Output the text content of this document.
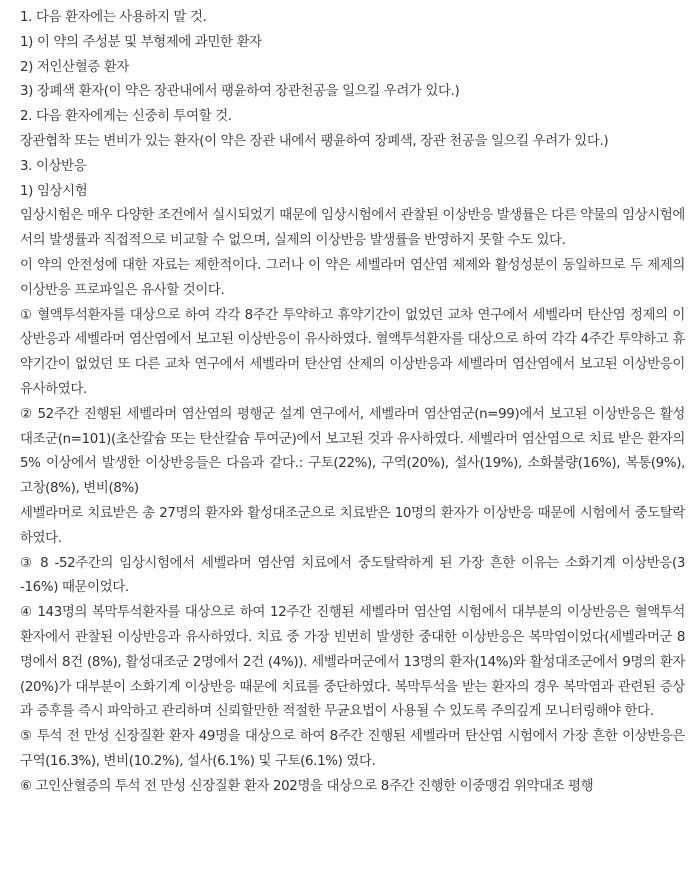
1. 다음 환자에는 사용하지 말 것.

1) 이 약의 주성분 및 부형제에 과민한 환자

2) 저인산혈증 환자

3) 장폐색 환자(이 약은 장관내에서 팽윤하여 장관천공을 일으킬 우려가 있다.)

2. 다음 환자에게는 신중히 투여할 것.

장관협착 또는 변비가 있는 환자(이 약은 장관 내에서 팽윤하여 장폐색, 장관 천공을 일으킬 우려가 있다.)

3. 이상반응

1) 임상시험

임상시험은 매우 다양한 조건에서 실시되었기 때문에 임상시험에서 관찰된 이상반응 발생률은 다른 약물의 임상시험에서의 발생률과 직접적으로 비교할 수 없으며, 실제의 이상반응 발생률을 반영하지 못할 수도 있다.

이 약의 안전성에 대한 자료는 제한적이다. 그러나 이 약은 세벨라머 염산염 제제와 활성성분이 동일하므로 두 제제의 이상반응 프로파일은 유사할 것이다.

① 혈액투석환자를 대상으로 하여 각각 8주간 투약하고 휴약기간이 없었던 교차 연구에서 세벨라머 탄산염 정제의 이상반응과 세벨라머 염산염에서 보고된 이상반응이 유사하였다. 혈액투석환자를 대상으로 하여 각각 4주간 투약하고 휴약기간이 없었던 또 다른 교차 연구에서 세벨라머 탄산염 산제의 이상반응과 세벨라머 염산염에서 보고된 이상반응이 유사하였다.

② 52주간 진행된 세벨라머 염산염의 평행군 설계 연구에서, 세벨라머 염산염군(n=99)에서 보고된 이상반응은 활성대조군(n=101)(초산칼슘 또는 탄산칼슘 투여군)에서 보고된 것과 유사하였다. 세벨라머 염산염으로 치료 받은 환자의 5% 이상에서 발생한 이상반응들은 다음과 같다.: 구토(22%), 구역(20%), 설사(19%), 소화불량(16%), 복통(9%), 고창(8%), 변비(8%)

세벨라머로 치료받은 총 27명의 환자와 활성대조군으로 치료받은 10명의 환자가 이상반응 때문에 시험에서 중도탈락하였다.

③ 8 -52주간의 임상시험에서 세벨라머 염산염 치료에서 중도탈락하게 된 가장 흔한 이유는 소화기계 이상반응(3 -16%) 때문이었다.

④ 143명의 복막투석환자를 대상으로 하여 12주간 진행된 세벨라머 염산염 시험에서 대부분의 이상반응은 혈액투석 환자에서 관찰된 이상반응과 유사하였다. 치료 중 가장 빈번히 발생한 중대한 이상반응은 복막염이었다(세벨라머군 8명에서 8건 (8%), 활성대조군 2명에서 2건 (4%)). 세벨라머군에서 13명의 환자(14%)와 활성대조군에서 9명의 환자(20%)가 대부분이 소화기계 이상반응 때문에 치료를 중단하였다. 복막투석을 받는 환자의 경우 복막염과 관련된 증상과 증후를 즉시 파악하고 관리하며 신뢰할만한 적절한 무균요법이 사용될 수 있도록 주의깊게 모니터링해야 한다.

⑤ 투석 전 만성 신장질환 환자 49명을 대상으로 하여 8주간 진행된 세벨라머 탄산염 시험에서 가장 흔한 이상반응은 구역(16.3%), 변비(10.2%), 설사(6.1%) 및 구토(6.1%) 였다.

⑥ 고인산혈증의 투석 전 만성 신장질환 환자 202명을 대상으로 8주간 진행한 이중맹검 위약대조 평행
